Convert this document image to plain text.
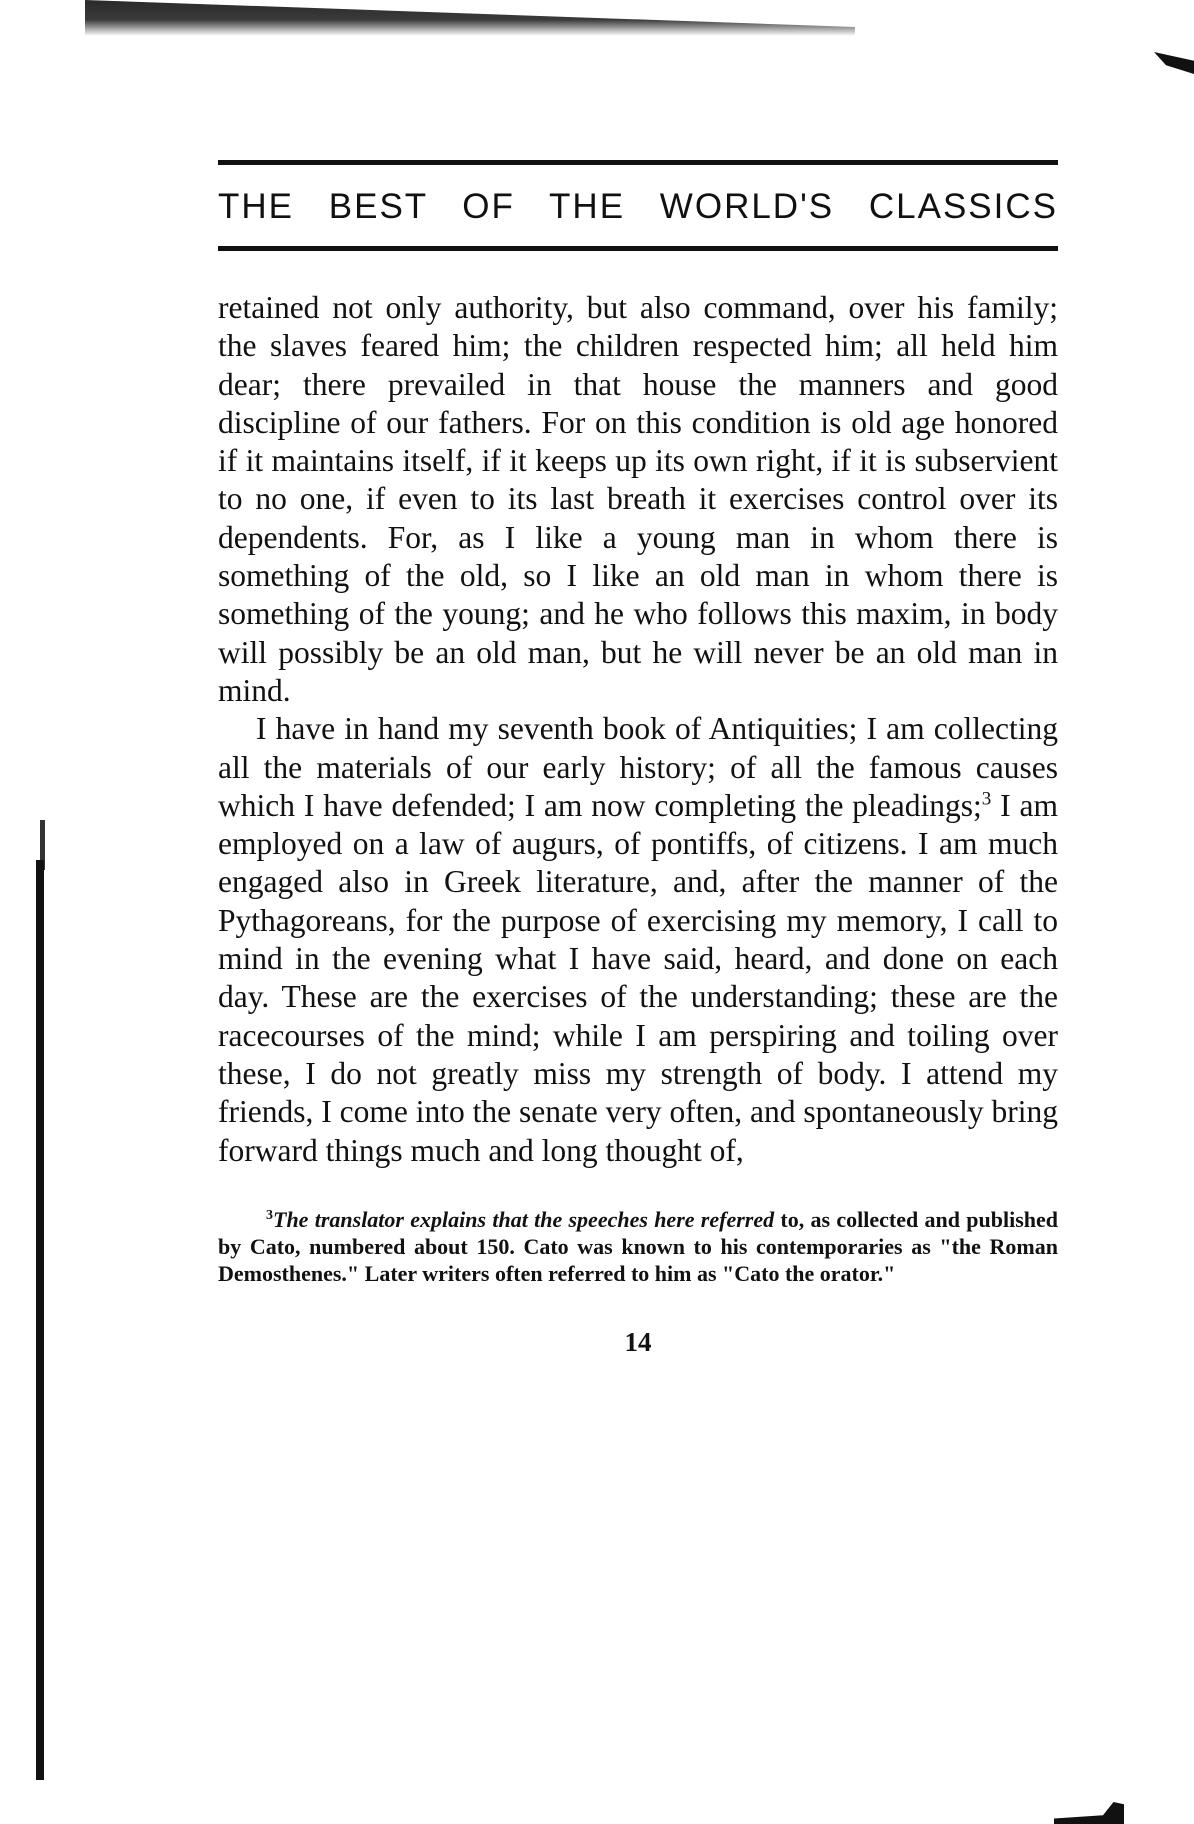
THE BEST OF THE WORLD'S CLASSICS

retained not only authority, but also command, over his family; the slaves feared him; the children respected him; all held him dear; there prevailed in that house the manners and good discipline of our fathers. For on this condition is old age honored if it maintains itself, if it keeps up its own right, if it is subservient to no one, if even to its last breath it exercises control over its dependents. For, as I like a young man in whom there is something of the old, so I like an old man in whom there is something of the young; and he who follows this maxim, in body will possibly be an old man, but he will never be an old man in mind.

I have in hand my seventh book of Antiquities; I am collecting all the materials of our early history; of all the famous causes which I have defended; I am now completing the pleadings;$^3$ I am employed on a law of augurs, of pontiffs, of citizens. I am much engaged also in Greek literature, and, after the manner of the Pythagoreans, for the purpose of exercising my memory, I call to mind in the evening what I have said, heard, and done on each day. These are the exercises of the understanding; these are the racecourses of the mind; while I am perspiring and toiling over these, I do not greatly miss my strength of body. I attend my friends, I come into the senate very often, and spontaneously bring forward things much and long thought of,

$^3$The translator explains that the speeches here referred to, as collected and published by Cato, numbered about 150. Cato was known to his contemporaries as "the Roman Demosthenes." Later writers often referred to him as "Cato the orator."
14
